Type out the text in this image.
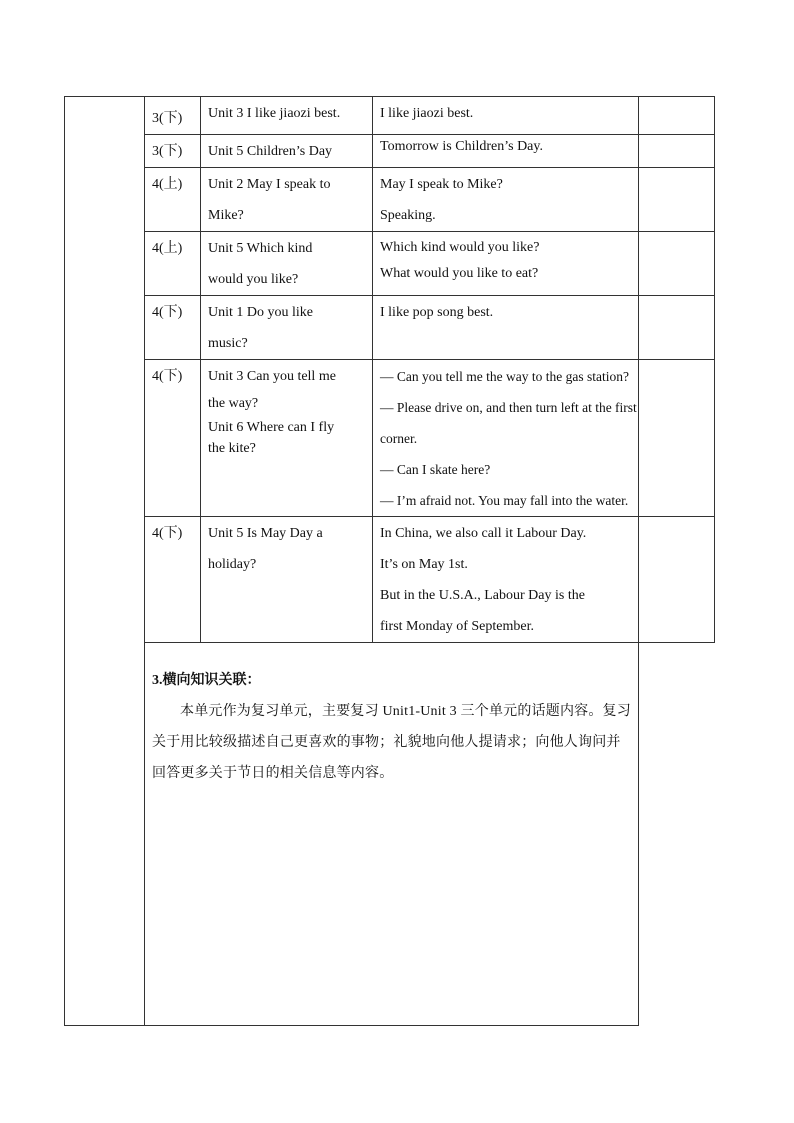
3(下)	Unit 3 I like jiaozi best.	I like jiaozi best.	

3(下)	Unit 5 Children’s Day	Tomorrow is Children’s Day.	

4(上)	Unit 2 May I speak to
Mike?	May I speak to Mike?
Speaking.	

4(上)	Unit 5 Which kind
would you like?	Which kind would you like?
What would you like to eat?	

4(下)	Unit 1 Do you like
music?	I like pop song best.	

4(下)	Unit 3 Can you tell me
the way?
Unit 6 Where can I fly
the kite?	— Can you tell me the way to the gas station?
— Please drive on, and then turn left at the first
corner.
— Can I skate here?
— I’m afraid not. You may fall into the water.	

4(下)	Unit 5 Is May Day a
holiday?	In China, we also call it Labour Day.
It’s on May 1st.
But in the U.S.A., Labour Day is the
first Monday of September.	

3.横向知识关联：
本单元作为复习单元，主要复习 Unit1-Unit 3 三个单元的话题内容。复习关于用比较级描述自己更喜欢的事物；礼貌地向他人提请求；向他人询问并回答更多关于节日的相关信息等内容。
